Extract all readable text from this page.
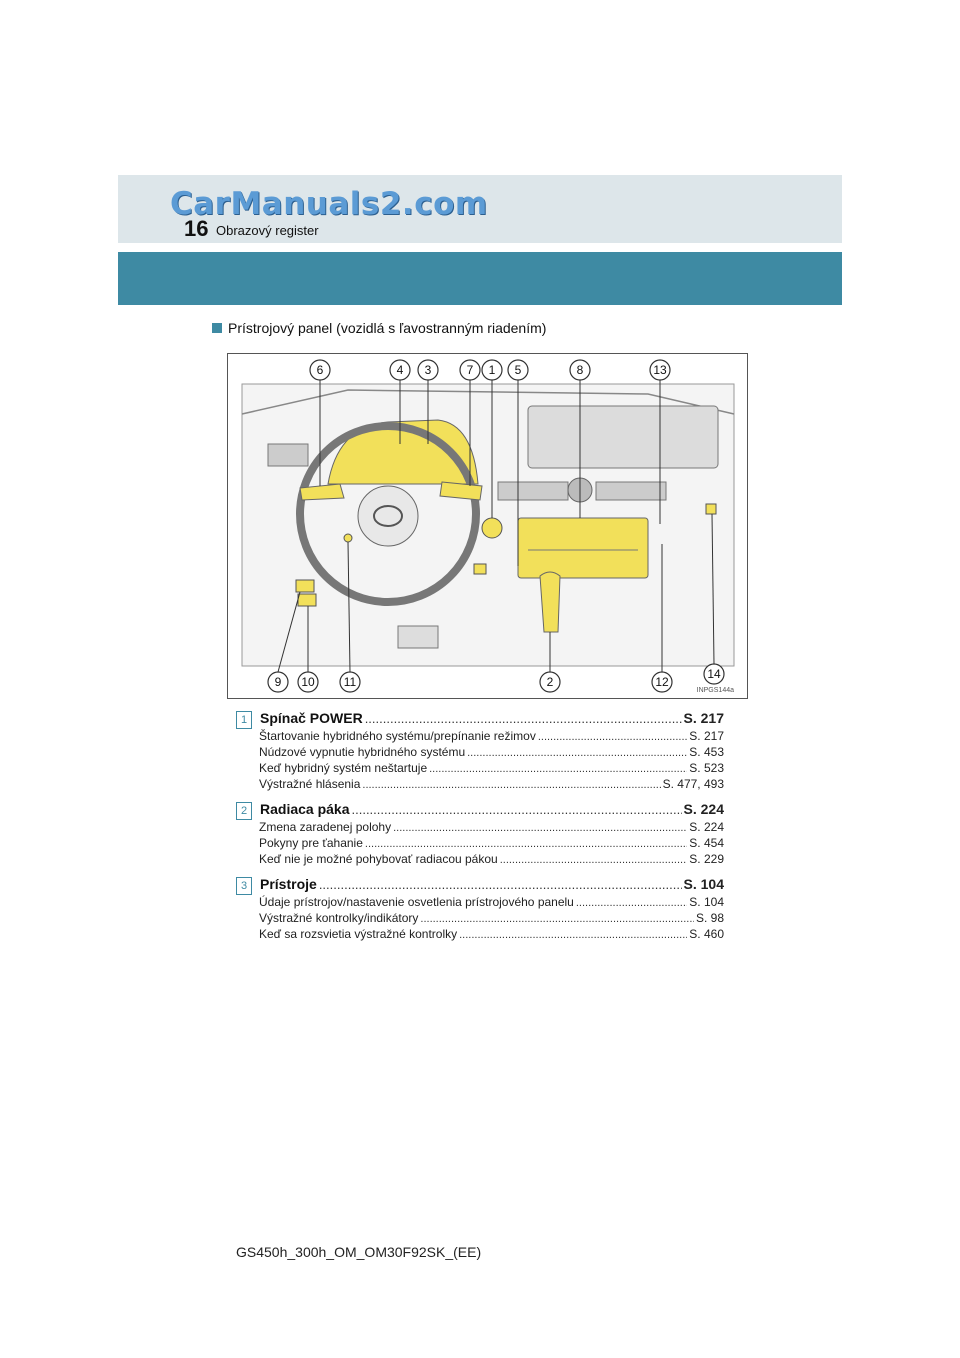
CarManuals2.com
16 Obrazový register
Prístrojový panel (vozidlá s ľavostranným riadením)
6	4 3	7 1 5	8	13
9 10 11	2	12
14
INPGS144a
1 Spínač POWER .....	S. 217
Štartovanie hybridného systému/prepínanie režimov .....	S. 217
Núdzové vypnutie hybridného systému .....	S. 453
Keď hybridný systém neštartuje .....	S. 523
Výstražné hlásenia .....	S. 477, 493
2 Radiaca páka .....	S. 224
Zmena zaradenej polohy .....	S. 224
Pokyny pre ťahanie .....	S. 454
Keď nie je možné pohybovať radiacou pákou .....	S. 229
3 Prístroje .....	S. 104
Údaje prístrojov/nastavenie osvetlenia prístrojového panelu .....	S. 104
Výstražné kontrolky/indikátory .....	S. 98
Keď sa rozsvietia výstražné kontrolky .....	S. 460
GS450h_300h_OM_OM30F92SK_(EE)
